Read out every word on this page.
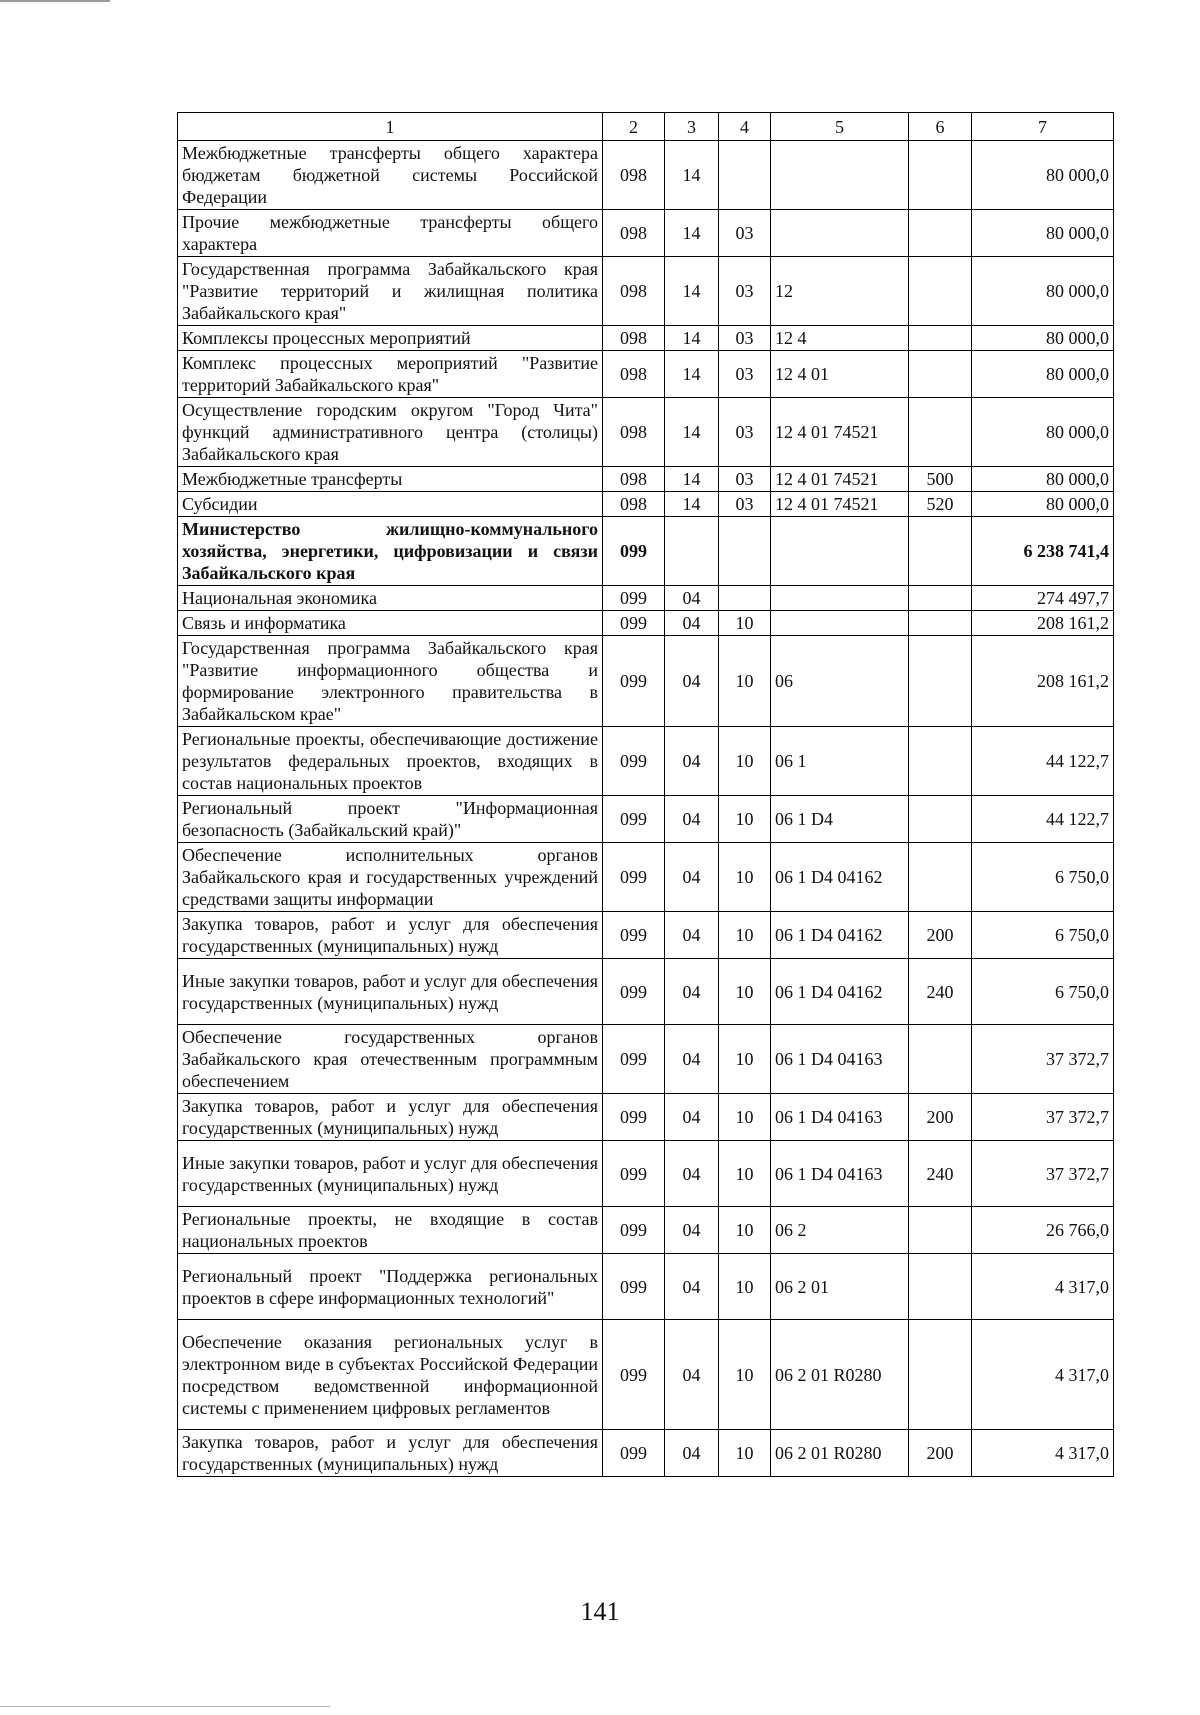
1	2	3	4	5	6	7
Межбюджетные трансферты общего характера бюджетам бюджетной системы Российской Федерации	098	14				80 000,0
Прочие межбюджетные трансферты общего характера	098	14	03			80 000,0
Государственная программа Забайкальского края "Развитие территорий и жилищная политика Забайкальского края"	098	14	03	12		80 000,0
Комплексы процессных мероприятий	098	14	03	12 4		80 000,0
Комплекс процессных мероприятий "Развитие территорий Забайкальского края"	098	14	03	12 4 01		80 000,0
Осуществление городским округом "Город Чита" функций административного центра (столицы) Забайкальского края	098	14	03	12 4 01 74521		80 000,0
Межбюджетные трансферты	098	14	03	12 4 01 74521	500	80 000,0
Субсидии	098	14	03	12 4 01 74521	520	80 000,0
Министерство жилищно-коммунального хозяйства, энергетики, цифровизации и связи Забайкальского края	099					6 238 741,4
Национальная экономика	099	04				274 497,7
Связь и информатика	099	04	10			208 161,2
Государственная программа Забайкальского края "Развитие информационного общества и формирование электронного правительства в Забайкальском крае"	099	04	10	06		208 161,2
Региональные проекты, обеспечивающие достижение результатов федеральных проектов, входящих в состав национальных проектов	099	04	10	06 1		44 122,7
Региональный проект "Информационная безопасность (Забайкальский край)"	099	04	10	06 1 D4		44 122,7
Обеспечение исполнительных органов Забайкальского края и государственных учреждений средствами защиты информации	099	04	10	06 1 D4 04162		6 750,0
Закупка товаров, работ и услуг для обеспечения государственных (муниципальных) нужд	099	04	10	06 1 D4 04162	200	6 750,0
Иные закупки товаров, работ и услуг для обеспечения государственных (муниципальных) нужд	099	04	10	06 1 D4 04162	240	6 750,0
Обеспечение государственных органов Забайкальского края отечественным программным обеспечением	099	04	10	06 1 D4 04163		37 372,7
Закупка товаров, работ и услуг для обеспечения государственных (муниципальных) нужд	099	04	10	06 1 D4 04163	200	37 372,7
Иные закупки товаров, работ и услуг для обеспечения государственных (муниципальных) нужд	099	04	10	06 1 D4 04163	240	37 372,7
Региональные проекты, не входящие в состав национальных проектов	099	04	10	06 2		26 766,0
Региональный проект "Поддержка региональных проектов в сфере информационных технологий"	099	04	10	06 2 01		4 317,0
Обеспечение оказания региональных услуг в электронном виде в субъектах Российской Федерации посредством ведомственной информационной системы с применением цифровых регламентов	099	04	10	06 2 01 R0280		4 317,0
Закупка товаров, работ и услуг для обеспечения государственных (муниципальных) нужд	099	04	10	06 2 01 R0280	200	4 317,0
141
